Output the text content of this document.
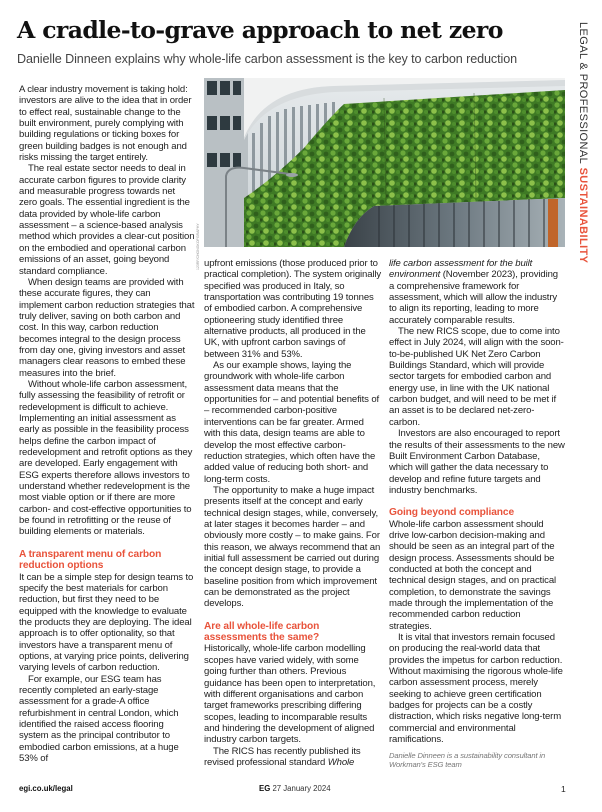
A cradle-to-grave approach to net zero

Danielle Dinneen explains why whole-life carbon assessment is the key to carbon reduction	LEGAL & PROFESSIONAL SUSTAINABILITY
123RF/CHONGKOPGRAPHY

A clear industry movement is taking hold: investors are alive to the idea that in order to effect real, sustainable change to the built environment, purely complying with building regulations or ticking boxes for green building badges is not enough and risks missing the target entirely.

The real estate sector needs to deal in accurate carbon figures to provide clarity and measurable progress towards net zero goals. The essential ingredient is the data provided by whole-life carbon assessment – a science-based analysis method which provides a clear-cut position on the embodied and operational carbon emissions of an asset, going beyond standard compliance.

When design teams are provided with these accurate figures, they can implement carbon reduction strategies that truly deliver, saving on both carbon and cost. In this way, carbon reduction becomes integral to the design process from day one, giving investors and asset managers clear reasons to embed these measures into the brief.

Without whole-life carbon assessment, fully assessing the feasibility of retrofit or redevelopment is difficult to achieve. Implementing an initial assessment as early as possible in the feasibility process helps define the carbon impact of redevelopment and retrofit options as they are developed. Early engagement with ESG experts therefore allows investors to understand whether redevelopment is the most viable option or if there are more carbon- and cost-effective opportunities to be found in retrofitting or the reuse of building elements or materials.

A transparent menu of carbon reduction options

It can be a simple step for design teams to specify the best materials for carbon reduction, but first they need to be equipped with the knowledge to evaluate the products they are deploying. The ideal approach is to offer optionality, so that investors have a transparent menu of options, at varying price points, delivering varying levels of carbon reduction.

For example, our ESG team has recently completed an early-stage assessment for a grade-A office refurbishment in central London, which identified the raised access flooring system as the principal contributor to embodied carbon emissions, at a huge 53% of

upfront emissions (those produced prior to practical completion). The system originally specified was produced in Italy, so transportation was contributing 19 tonnes of embodied carbon. A comprehensive optioneering study identified three alternative products, all produced in the UK, with upfront carbon savings of between 31% and 53%.

As our example shows, laying the groundwork with whole-life carbon assessment data means that the opportunities for – and potential benefits of – recommended carbon-positive interventions can be far greater. Armed with this data, design teams are able to develop the most effective carbon-reduction strategies, which often have the added value of reducing both short- and long-term costs.

The opportunity to make a huge impact presents itself at the concept and early technical design stages, while, conversely, at later stages it becomes harder – and obviously more costly – to make gains. For this reason, we always recommend that an initial full assessment be carried out during the concept design stage, to provide a baseline position from which improvement can be demonstrated as the project develops.

Are all whole-life carbon assessments the same?

Historically, whole-life carbon modelling scopes have varied widely, with some going further than others. Previous guidance has been open to interpretation, with different organisations and carbon target frameworks prescribing differing scopes, leading to incomparable results and hindering the development of aligned industry carbon targets.

The RICS has recently published its revised professional standard Whole

life carbon assessment for the built environment (November 2023), providing a comprehensive framework for assessment, which will allow the industry to align its reporting, leading to more accurately comparable results.

The new RICS scope, due to come into effect in July 2024, will align with the soon-to-be-published UK Net Zero Carbon Buildings Standard, which will provide sector targets for embodied carbon and energy use, in line with the UK national carbon budget, and will need to be met if an asset is to be declared net-zero-carbon.

Investors are also encouraged to report the results of their assessments to the new Built Environment Carbon Database, which will gather the data necessary to develop and refine future targets and industry benchmarks.

Going beyond compliance

Whole-life carbon assessment should drive low-carbon decision-making and should be seen as an integral part of the design process. Assessments should be conducted at both the concept and technical design stages, and on practical completion, to demonstrate the savings made through the implementation of the recommended carbon reduction strategies.

It is vital that investors remain focused on producing the real-world data that provides the impetus for carbon reduction. Without maximising the rigorous whole-life carbon assessment process, merely seeking to achieve green certification badges for projects can be a costly distraction, which risks negative long-term commercial and environmental ramifications.

Danielle Dinneen is a sustainability consultant in Workman's ESG team

egi.co.uk/legal	EG 27 January 2024	1
